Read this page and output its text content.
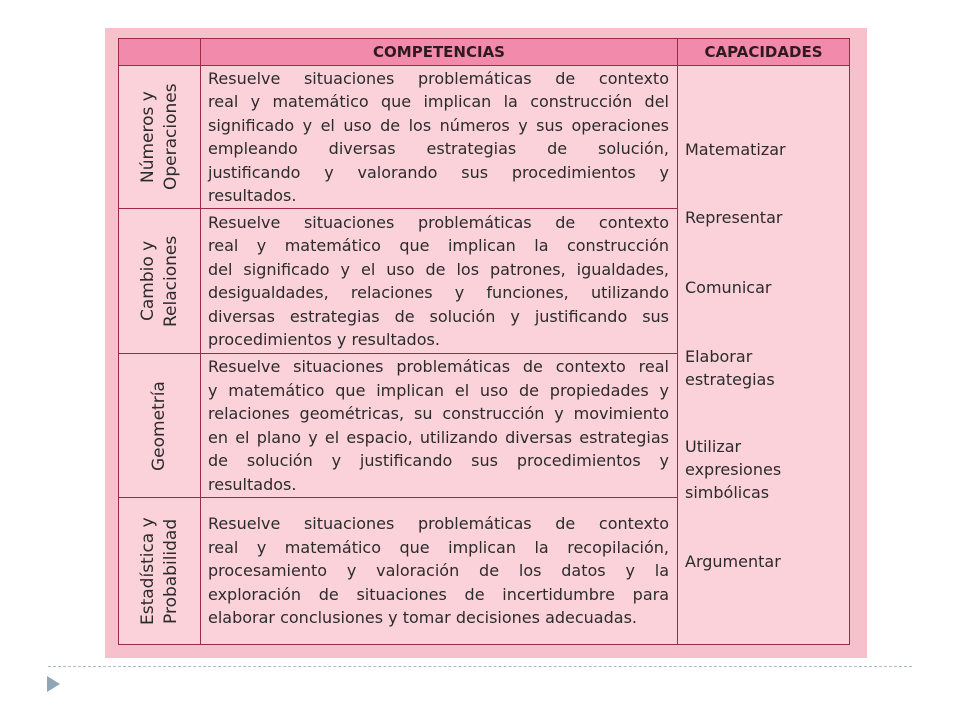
COMPETENCIAS	CAPACIDADES
Números y Operaciones
Resuelve situaciones problemáticas de contexto
real y matemático que implican la construcción del
significado y el uso de los números y sus operaciones
empleando diversas estrategias de solución,
justificando y valorando sus procedimientos y
resultados.
Matematizar
Representar
Comunicar
Elaborar estrategias
Utilizar expresiones simbólicas
Argumentar
Cambio y Relaciones
Resuelve situaciones problemáticas de contexto
real y matemático que implican la construcción
del significado y el uso de los patrones, igualdades,
desigualdades, relaciones y funciones, utilizando
diversas estrategias de solución y justificando sus
procedimientos y resultados.
Geometría
Resuelve situaciones problemáticas de contexto real
y matemático que implican el uso de propiedades y
relaciones geométricas, su construcción y movimiento
en el plano y el espacio, utilizando diversas estrategias
de solución y justificando sus procedimientos y
resultados.
Estadística y Probabilidad Resuelve situaciones problemáticas de contexto
real y matemático que implican la recopilación,
procesamiento y valoración de los datos y la
exploración de situaciones de incertidumbre para
elaborar conclusiones y tomar decisiones adecuadas.
